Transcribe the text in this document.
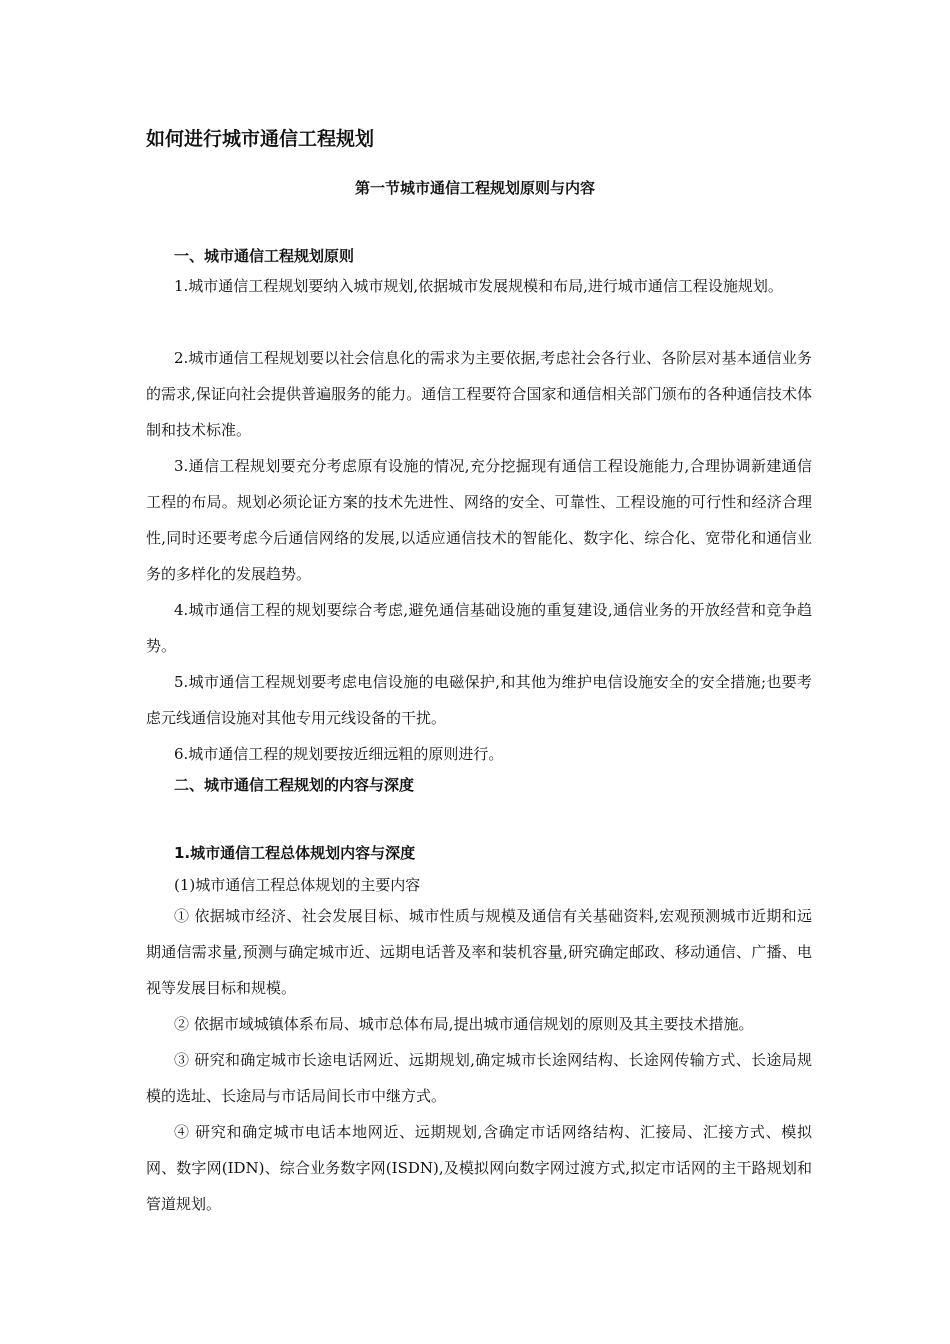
如何进行城市通信工程规划
第一节城市通信工程规划原则与内容
一、城市通信工程规划原则

1.城市通信工程规划要纳入城市规划,依据城市发展规模和布局,进行城市通信工程设施规划。

2.城市通信工程规划要以社会信息化的需求为主要依据,考虑社会各行业、各阶层对基本通信业务的需求,保证向社会提供普遍服务的能力。通信工程要符合国家和通信相关部门颁布的各种通信技术体制和技术标准。

3.通信工程规划要充分考虑原有设施的情况,充分挖掘现有通信工程设施能力,合理协调新建通信工程的布局。规划必须论证方案的技术先进性、网络的安全、可靠性、工程设施的可行性和经济合理性,同时还要考虑今后通信网络的发展,以适应通信技术的智能化、数字化、综合化、宽带化和通信业务的多样化的发展趋势。

4.城市通信工程的规划要综合考虑,避免通信基础设施的重复建设,通信业务的开放经营和竞争趋势。

5.城市通信工程规划要考虑电信设施的电磁保护,和其他为维护电信设施安全的安全措施;也要考虑元线通信设施对其他专用元线设备的干扰。

6.城市通信工程的规划要按近细远粗的原则进行。

二、城市通信工程规划的内容与深度
1.城市通信工程总体规划内容与深度

(1)城市通信工程总体规划的主要内容

① 依据城市经济、社会发展目标、城市性质与规模及通信有关基础资料,宏观预测城市近期和远期通信需求量,预测与确定城市近、远期电话普及率和装机容量,研究确定邮政、移动通信、广播、电视等发展目标和规模。

② 依据市域城镇体系布局、城市总体布局,提出城市通信规划的原则及其主要技术措施。

③ 研究和确定城市长途电话网近、远期规划,确定城市长途网结构、长途网传输方式、长途局规模的选址、长途局与市话局间长市中继方式。

④ 研究和确定城市电话本地网近、远期规划,含确定市话网络结构、汇接局、汇接方式、模拟网、数字网(IDN)、综合业务数字网(ISDN),及模拟网向数字网过渡方式,拟定市话网的主干路规划和管道规划。
